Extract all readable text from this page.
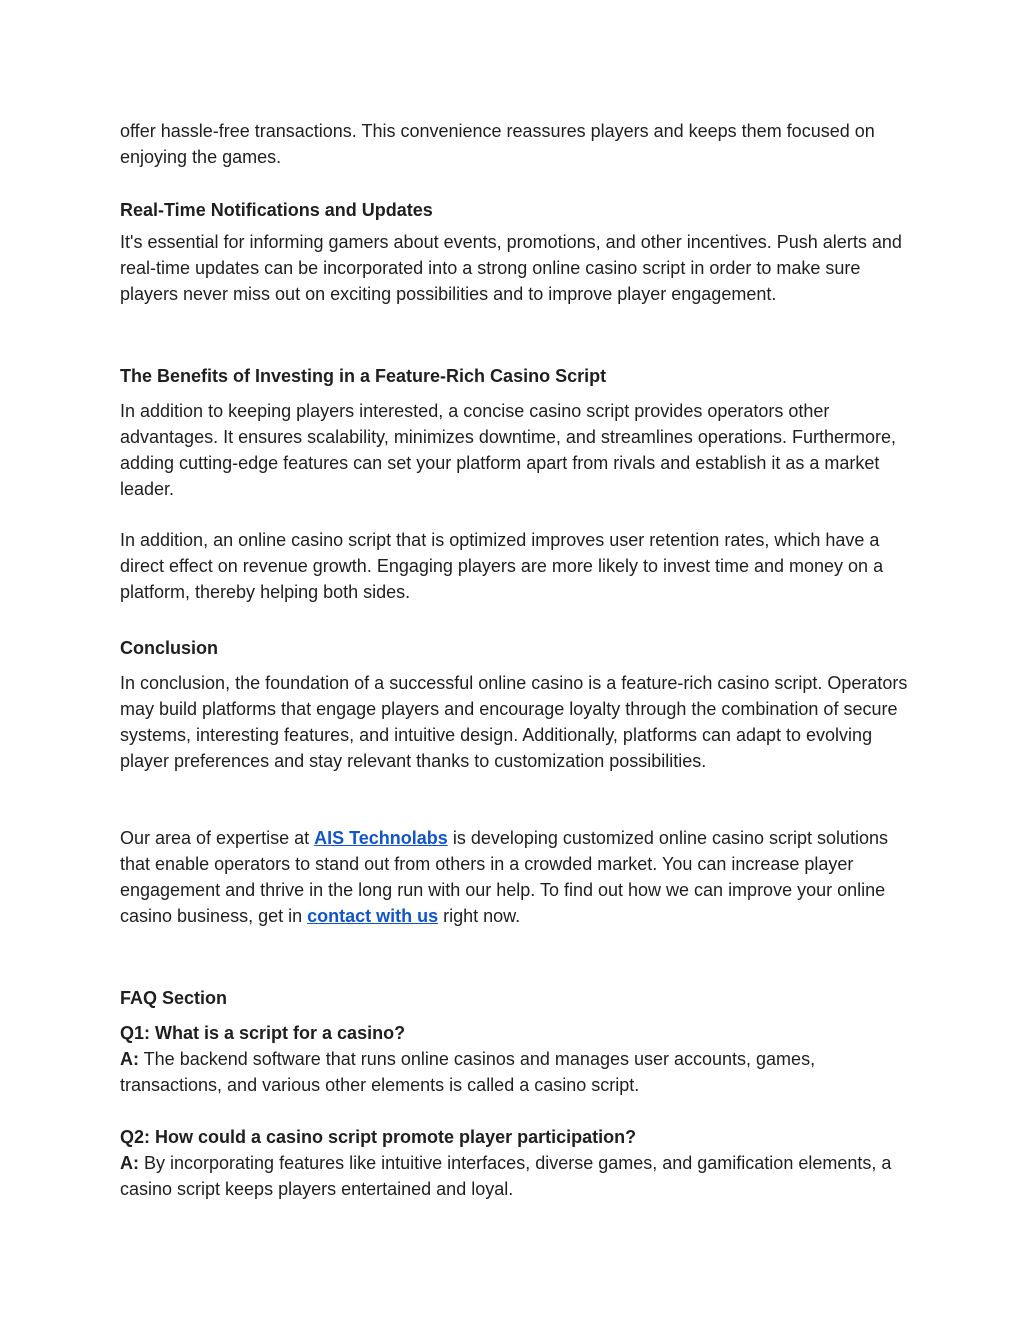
offer hassle-free transactions. This convenience reassures players and keeps them focused on enjoying the games.

Real-Time Notifications and Updates

It's essential for informing gamers about events, promotions, and other incentives. Push alerts and real-time updates can be incorporated into a strong online casino script in order to make sure players never miss out on exciting possibilities and to improve player engagement.

The Benefits of Investing in a Feature-Rich Casino Script

In addition to keeping players interested, a concise casino script provides operators other advantages. It ensures scalability, minimizes downtime, and streamlines operations. Furthermore, adding cutting-edge features can set your platform apart from rivals and establish it as a market leader.

In addition, an online casino script that is optimized improves user retention rates, which have a direct effect on revenue growth. Engaging players are more likely to invest time and money on a platform, thereby helping both sides.

Conclusion

In conclusion, the foundation of a successful online casino is a feature-rich casino script. Operators may build platforms that engage players and encourage loyalty through the combination of secure systems, interesting features, and intuitive design. Additionally, platforms can adapt to evolving player preferences and stay relevant thanks to customization possibilities.

Our area of expertise at AIS Technolabs is developing customized online casino script solutions that enable operators to stand out from others in a crowded market. You can increase player engagement and thrive in the long run with our help. To find out how we can improve your online casino business, get in contact with us right now.

FAQ Section
Q1: What is a script for a casino?
A: The backend software that runs online casinos and manages user accounts, games, transactions, and various other elements is called a casino script.
Q2: How could a casino script promote player participation?
A: By incorporating features like intuitive interfaces, diverse games, and gamification elements, a casino script keeps players entertained and loyal.
